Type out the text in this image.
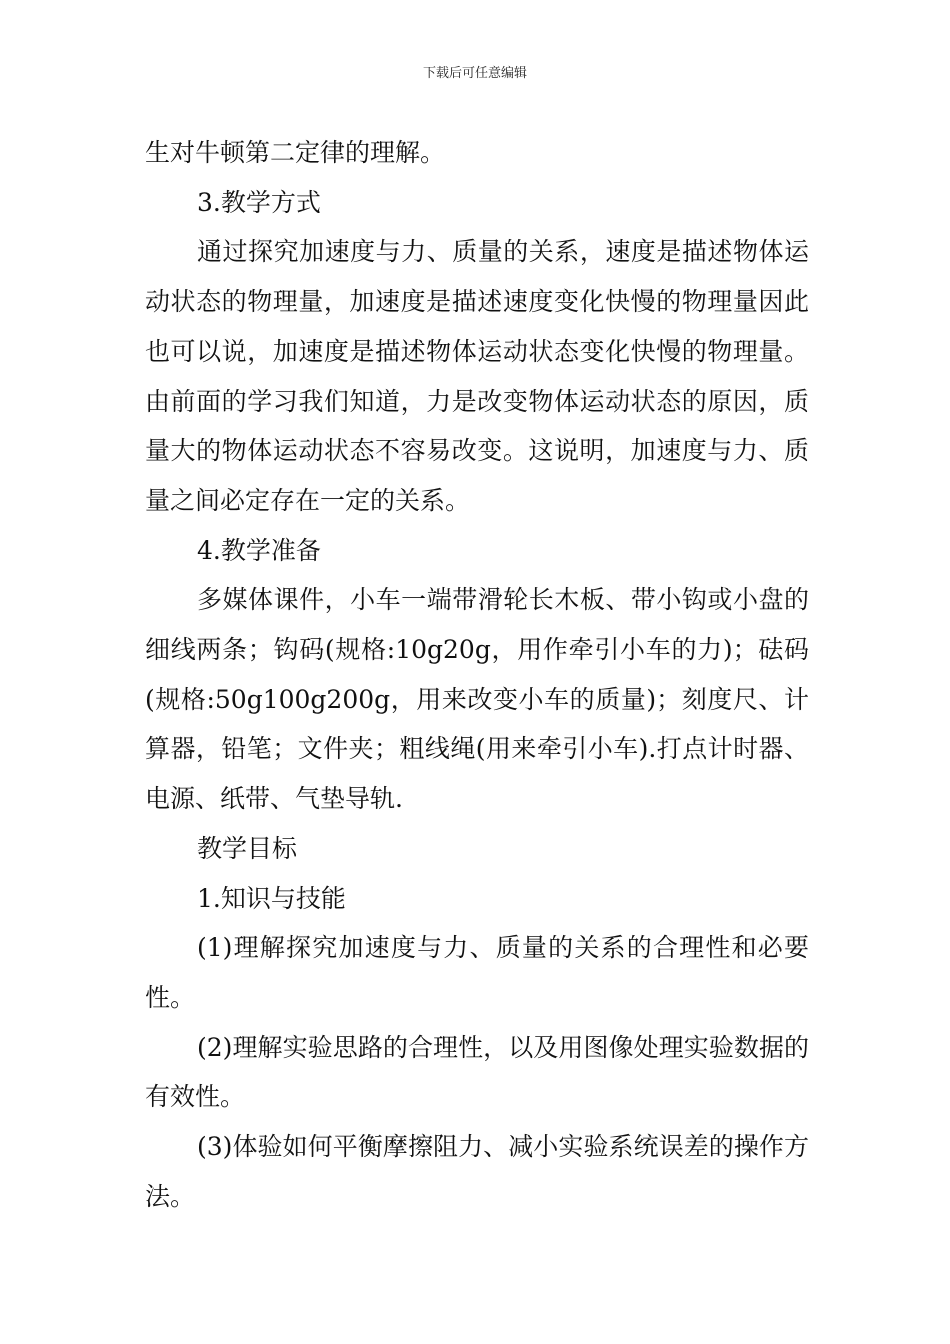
下载后可任意编辑

生对牛顿第二定律的理解。

3.教学方式

通过探究加速度与力、质量的关系，速度是描述物体运动状态的物理量，加速度是描述速度变化快慢的物理量因此也可以说，加速度是描述物体运动状态变化快慢的物理量。由前面的学习我们知道，力是改变物体运动状态的原因，质量大的物体运动状态不容易改变。这说明，加速度与力、质量之间必定存在一定的关系。

4.教学准备

多媒体课件，小车一端带滑轮长木板、带小钩或小盘的细线两条；钩码(规格:10g20g，用作牵引小车的力)；砝码(规格:50g100g200g，用来改变小车的质量)；刻度尺、计算器，铅笔；文件夹；粗线绳(用来牵引小车).打点计时器、电源、纸带、气垫导轨.

教学目标

1.知识与技能

(1)理解探究加速度与力、质量的关系的合理性和必要性。

(2)理解实验思路的合理性，以及用图像处理实验数据的有效性。

(3)体验如何平衡摩擦阻力、减小实验系统误差的操作方法。
